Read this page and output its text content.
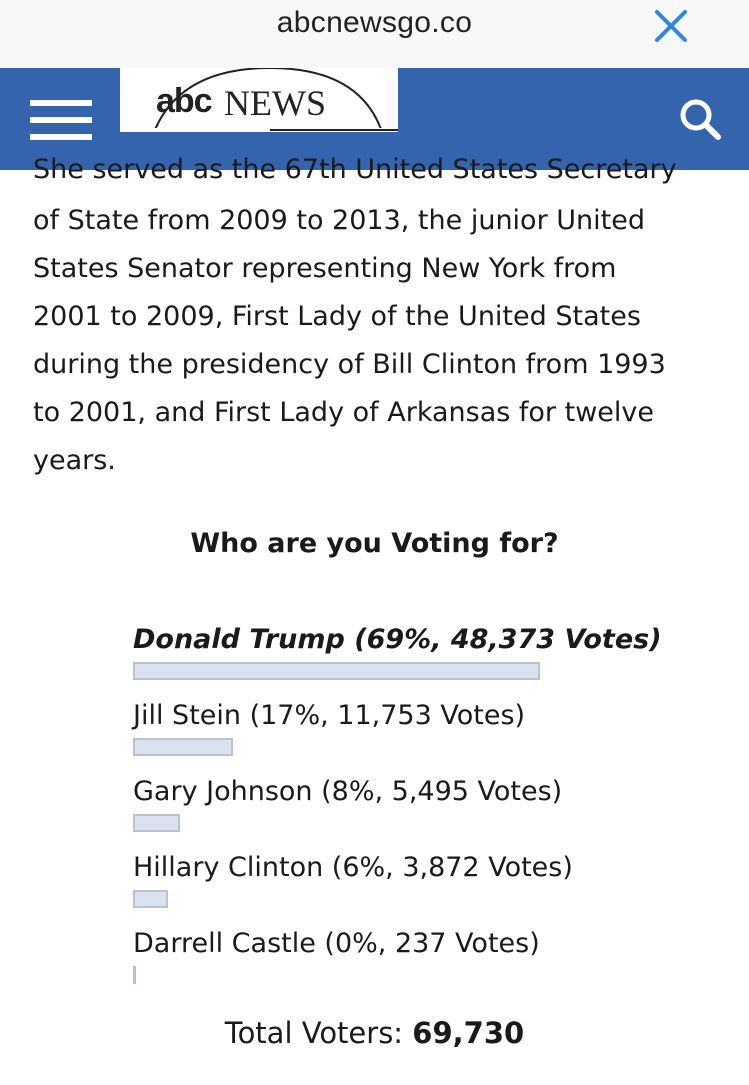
abcnewsgo.co
abc NEWS
She served as the 67th United States Secretary
of State from 2009 to 2013, the junior United
States Senator representing New York from
2001 to 2009, First Lady of the United States
during the presidency of Bill Clinton from 1993
to 2001, and First Lady of Arkansas for twelve
years.
Who are you Voting for?
Donald Trump (69%, 48,373 Votes)
Jill Stein (17%, 11,753 Votes)
Gary Johnson (8%, 5,495 Votes)
Hillary Clinton (6%, 3,872 Votes)
Darrell Castle (0%, 237 Votes)
Total Voters: 69,730
